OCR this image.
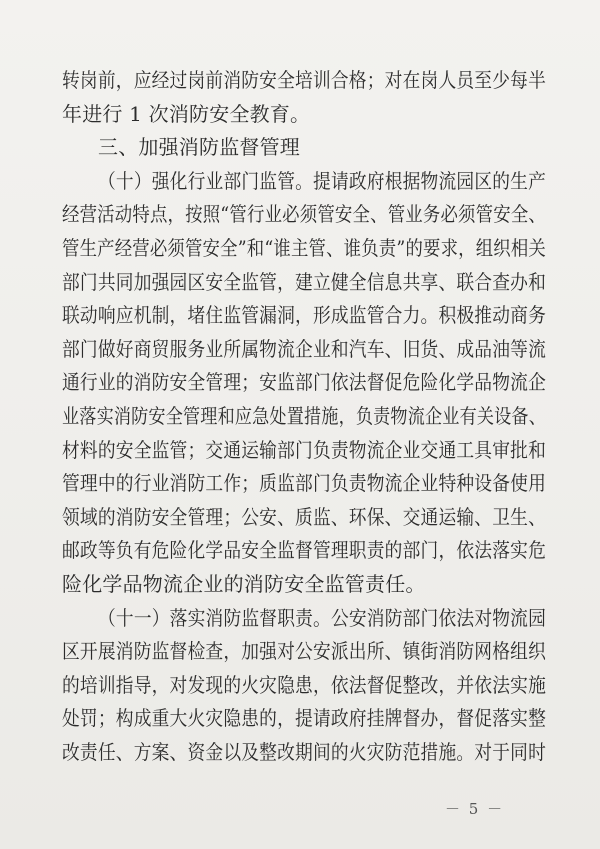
转岗前，应经过岗前消防安全培训合格；对在岗人员至少每半
年进行 1 次消防安全教育。
三、加强消防监督管理
（十）强化行业部门监管。提请政府根据物流园区的生产
经营活动特点，按照“管行业必须管安全、管业务必须管安全、
管生产经营必须管安全”和“谁主管、谁负责”的要求，组织相关
部门共同加强园区安全监管，建立健全信息共享、联合查办和
联动响应机制，堵住监管漏洞，形成监管合力。积极推动商务
部门做好商贸服务业所属物流企业和汽车、旧货、成品油等流
通行业的消防安全管理；安监部门依法督促危险化学品物流企
业落实消防安全管理和应急处置措施，负责物流企业有关设备、
材料的安全监管；交通运输部门负责物流企业交通工具审批和
管理中的行业消防工作；质监部门负责物流企业特种设备使用
领域的消防安全管理；公安、质监、环保、交通运输、卫生、
邮政等负有危险化学品安全监督管理职责的部门，依法落实危
险化学品物流企业的消防安全监管责任。
（十一）落实消防监督职责。公安消防部门依法对物流园
区开展消防监督检查，加强对公安派出所、镇街消防网格组织
的培训指导，对发现的火灾隐患，依法督促整改，并依法实施
处罚；构成重大火灾隐患的，提请政府挂牌督办，督促落实整
改责任、方案、资金以及整改期间的火灾防范措施。对于同时
－ 5 －
